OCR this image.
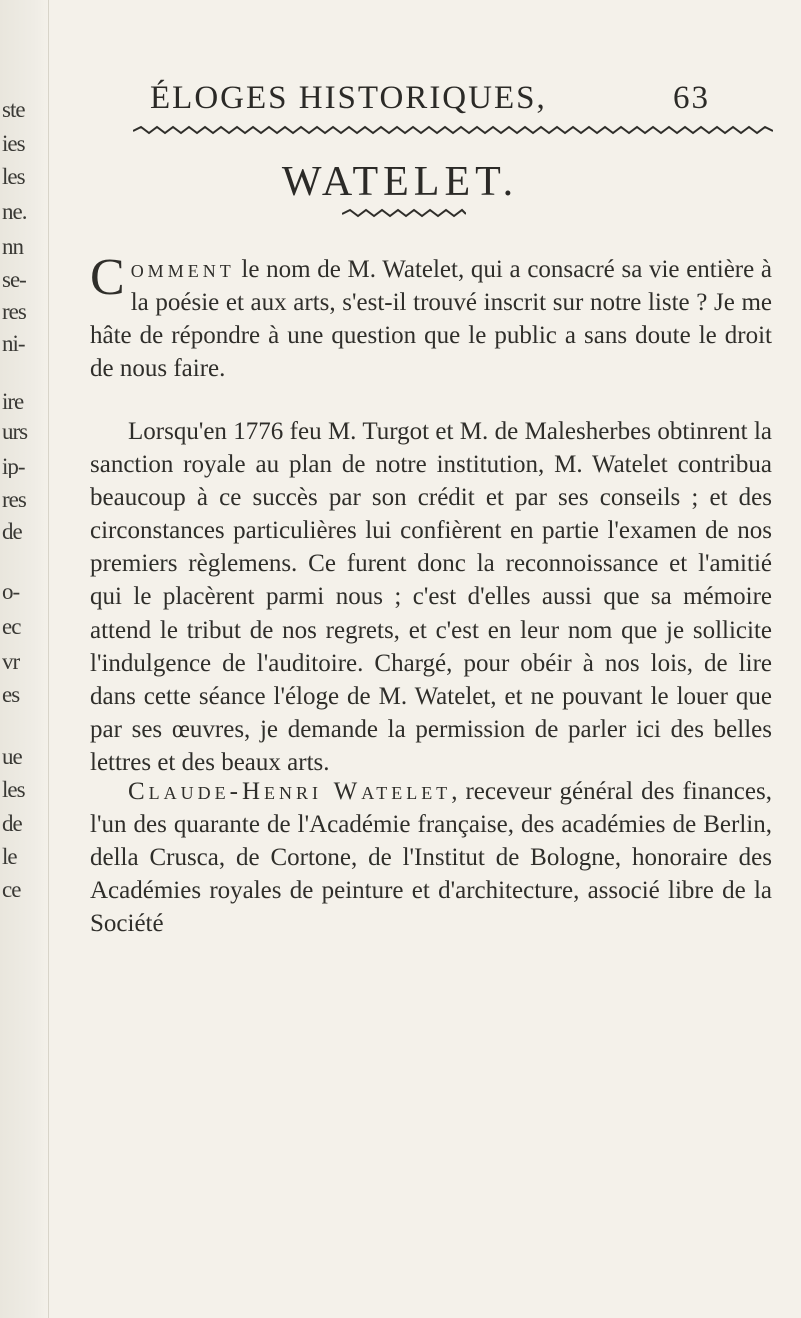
ste
ies
les
ne.
nn
se-
res
ni-
ire
urs
ip-
res
de
o-
ec
vr
es
ue
les
de
le
ce
ÉLOGES HISTORIQUES,	63
WATELET.
Comment le nom de M. Watelet, qui a consacré sa vie entière à la poésie et aux arts, s'est-il trouvé inscrit sur notre liste ? Je me hâte de répondre à une question que le public a sans doute le droit de nous faire.

Lorsqu'en 1776 feu M. Turgot et M. de Malesherbes obtinrent la sanction royale au plan de notre institution, M. Watelet contribua beaucoup à ce succès par son crédit et par ses conseils ; et des circonstances particulières lui confièrent en partie l'examen de nos premiers règlemens. Ce furent donc la reconnoissance et l'amitié qui le placèrent parmi nous ; c'est d'elles aussi que sa mémoire attend le tribut de nos regrets, et c'est en leur nom que je sollicite l'indulgence de l'auditoire. Chargé, pour obéir à nos lois, de lire dans cette séance l'éloge de M. Watelet, et ne pouvant le louer que par ses œuvres, je demande la permission de parler ici des belles lettres et des beaux arts.

Claude-Henri Watelet, receveur général des finances, l'un des quarante de l'Académie française, des académies de Berlin, della Crusca, de Cortone, de l'Institut de Bologne, honoraire des Académies royales de peinture et d'architecture, associé libre de la Société
